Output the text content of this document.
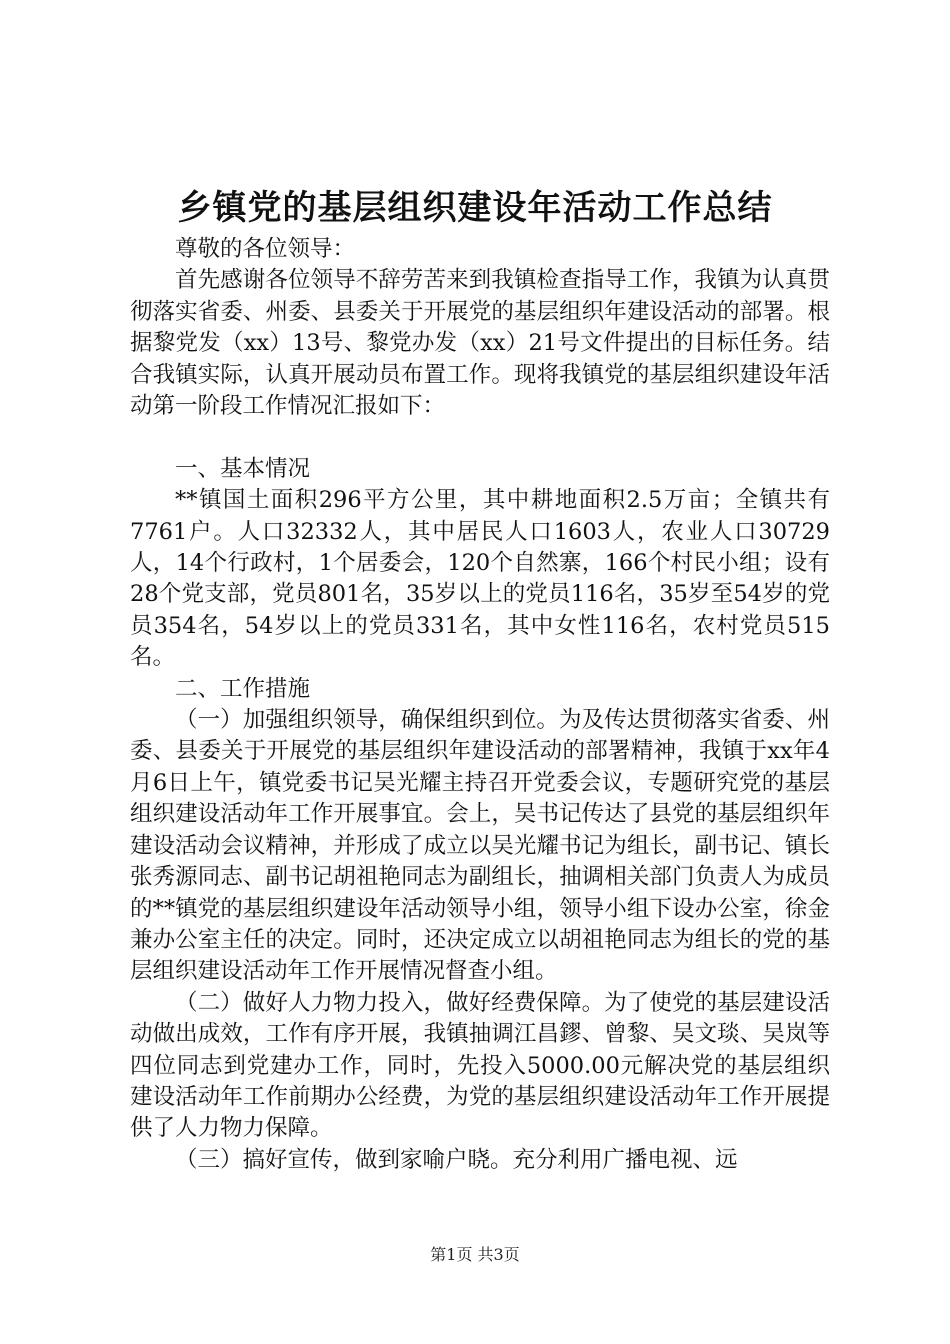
乡镇党的基层组织建设年活动工作总结

尊敬的各位领导：

首先感谢各位领导不辞劳苦来到我镇检查指导工作，我镇为认真贯彻落实省委、州委、县委关于开展党的基层组织年建设活动的部署。根据黎党发（xx）13号、黎党办发（xx）21号文件提出的目标任务。结合我镇实际，认真开展动员布置工作。现将我镇党的基层组织建设年活动第一阶段工作情况汇报如下：

一、基本情况

**镇国土面积296平方公里，其中耕地面积2.5万亩；全镇共有7761户。人口32332人，其中居民人口1603人，农业人口30729人，14个行政村，1个居委会，120个自然寨，166个村民小组；设有28个党支部，党员801名，35岁以上的党员116名，35岁至54岁的党员354名，54岁以上的党员331名，其中女性116名，农村党员515名。

二、工作措施

（一）加强组织领导，确保组织到位。为及传达贯彻落实省委、州委、县委关于开展党的基层组织年建设活动的部署精神，我镇于xx年4月6日上午，镇党委书记吴光耀主持召开党委会议，专题研究党的基层组织建设活动年工作开展事宜。会上，吴书记传达了县党的基层组织年建设活动会议精神，并形成了成立以吴光耀书记为组长，副书记、镇长张秀源同志、副书记胡祖艳同志为副组长，抽调相关部门负责人为成员的**镇党的基层组织建设年活动领导小组，领导小组下设办公室，徐金兼办公室主任的决定。同时，还决定成立以胡祖艳同志为组长的党的基层组织建设活动年工作开展情况督查小组。

（二）做好人力物力投入，做好经费保障。为了使党的基层建设活动做出成效，工作有序开展，我镇抽调江昌鏐、曾黎、吴文琰、吴岚等四位同志到党建办工作，同时，先投入5000.00元解决党的基层组织建设活动年工作前期办公经费，为党的基层组织建设活动年工作开展提供了人力物力保障。

（三）搞好宣传，做到家喻户晓。充分利用广播电视、远

第1页 共3页
